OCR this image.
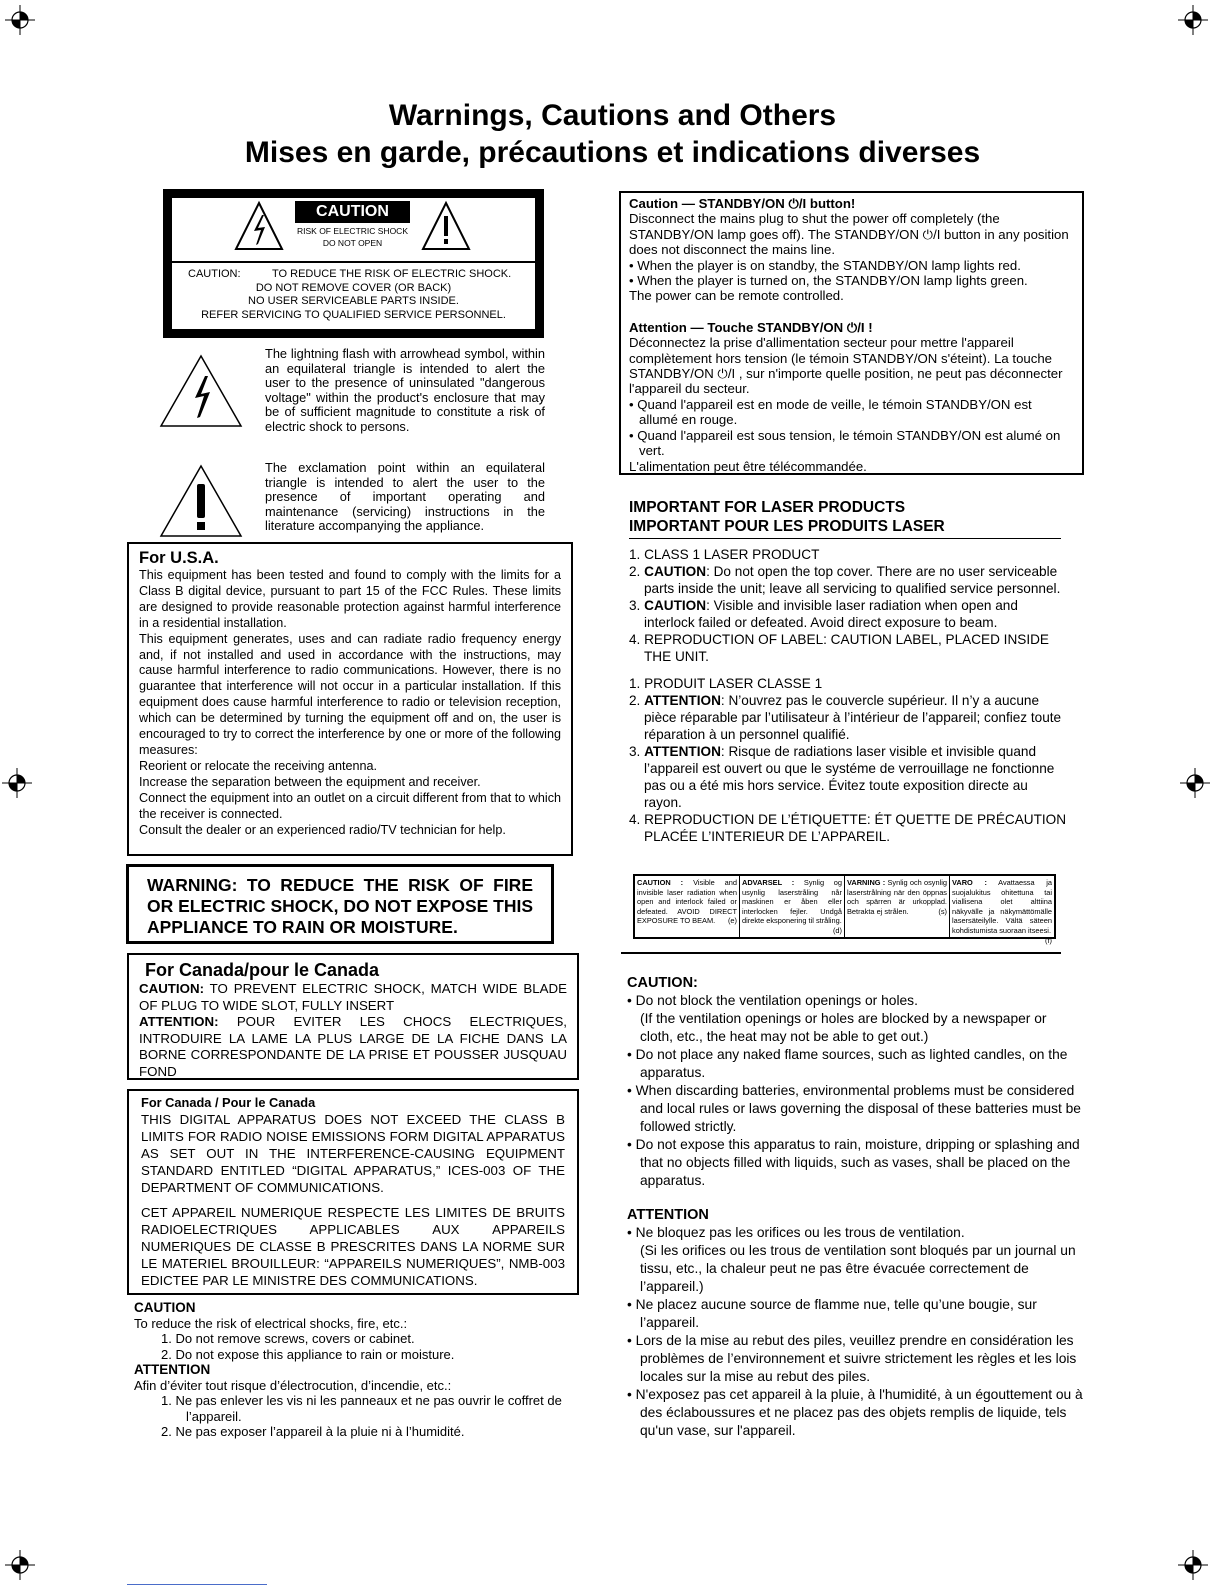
Warnings, Cautions and Others
Mises en garde, précautions et indications diverses
CAUTION
RISK OF ELECTRIC SHOCK
DO NOT OPEN
CAUTION:	TO REDUCE THE RISK OF ELECTRIC SHOCK.
DO NOT REMOVE COVER (OR BACK)
NO USER SERVICEABLE PARTS INSIDE.
REFER SERVICING TO QUALIFIED SERVICE PERSONNEL.
The lightning flash with arrowhead symbol, within an equilateral triangle is intended to alert the user to the presence of uninsulated "dangerous voltage" within the product's enclosure that may be of sufficient magnitude to constitute a risk of electric shock to persons.
The exclamation point within an equilateral triangle is intended to alert the user to the presence of important operating and maintenance (servicing) instructions in the literature accompanying the appliance.
For U.S.A.
This equipment has been tested and found to comply with the limits for a Class B digital device, pursuant to part 15 of the FCC Rules. These limits are designed to provide reasonable protection against harmful interference in a residential installation.
This equipment generates, uses and can radiate radio frequency energy and, if not installed and used in accordance with the instructions, may cause harmful interference to radio communications. However, there is no guarantee that interference will not occur in a particular installation. If this equipment does cause harmful interference to radio or television reception, which can be determined by turning the equipment off and on, the user is encouraged to try to correct the interference by one or more of the following measures:
Reorient or relocate the receiving antenna.
Increase the separation between the equipment and receiver.
Connect the equipment into an outlet on a circuit different from that to which the receiver is connected.
Consult the dealer or an experienced radio/TV technician for help.
WARNING: TO REDUCE THE RISK OF FIRE OR ELECTRIC SHOCK, DO NOT EXPOSE THIS APPLIANCE TO RAIN OR MOISTURE.
For Canada/pour le Canada
CAUTION: TO PREVENT ELECTRIC SHOCK, MATCH WIDE BLADE OF PLUG TO WIDE SLOT, FULLY INSERT
ATTENTION: POUR EVITER LES CHOCS ELECTRIQUES, INTRODUIRE LA LAME LA PLUS LARGE DE LA FICHE DANS LA BORNE CORRESPONDANTE DE LA PRISE ET POUSSER JUSQUAU FOND
For Canada / Pour le Canada

THIS DIGITAL APPARATUS DOES NOT EXCEED THE CLASS B LIMITS FOR RADIO NOISE EMISSIONS FORM DIGITAL APPARATUS AS SET OUT IN THE INTERFERENCE-CAUSING EQUIPMENT STANDARD ENTITLED “DIGITAL APPARATUS,” ICES-003 OF THE DEPARTMENT OF COMMUNICATIONS.

CET APPAREIL NUMERIQUE RESPECTE LES LIMITES DE BRUITS RADIOELECTRIQUES APPLICABLES AUX APPAREILS NUMERIQUES DE CLASSE B PRESCRITES DANS LA NORME SUR LE MATERIEL BROUILLEUR: “APPAREILS NUMERIQUES”, NMB-003 EDICTEE PAR LE MINISTRE DES COMMUNICATIONS.

CAUTION
To reduce the risk of electrical shocks, fire, etc.:
1. Do not remove screws, covers or cabinet.
2. Do not expose this appliance to rain or moisture.
ATTENTION
Afin d’éviter tout risque d’électrocution, d’incendie, etc.:
1. Ne pas enlever les vis ni les panneaux et ne pas ouvrir le coffret de l’appareil.
2. Ne pas exposer l’appareil à la pluie ni à l’humidité.
Caution — STANDBY/ON ⏻/I button!
Disconnect the mains plug to shut the power off completely (the STANDBY/ON lamp goes off). The STANDBY/ON ⏻/I button in any position does not disconnect the mains line.
• When the player is on standby, the STANDBY/ON lamp lights red.
• When the player is turned on, the STANDBY/ON lamp lights green.
The power can be remote controlled.
Attention — Touche STANDBY/ON ⏻/I !
Déconnectez la prise d'allimentation secteur pour mettre l'appareil complètement hors tension (le témoin STANDBY/ON s'éteint). La touche STANDBY/ON ⏻/I , sur n'importe quelle position, ne peut pas déconnecter l'appareil du secteur.
• Quand l'appareil est en mode de veille, le témoin STANDBY/ON est allumé en rouge.
• Quand l'appareil est sous tension, le témoin STANDBY/ON est alumé on vert.
L'alimentation peut être télécommandée.
IMPORTANT FOR LASER PRODUCTS
IMPORTANT POUR LES PRODUITS LASER
1. CLASS 1 LASER PRODUCT
2. CAUTION: Do not open the top cover. There are no user serviceable parts inside the unit; leave all servicing to qualified service personnel.
3. CAUTION: Visible and invisible laser radiation when open and interlock failed or defeated. Avoid direct exposure to beam.
4. REPRODUCTION OF LABEL: CAUTION LABEL, PLACED INSIDE THE UNIT.
1. PRODUIT LASER CLASSE 1
2. ATTENTION: N’ouvrez pas le couvercle supérieur. Il n’y a aucune pièce réparable par l’utilisateur à l’intérieur de l’appareil; confiez toute réparation à un personnel qualifié.
3. ATTENTION: Risque de radiations laser visible et invisible quand l’appareil est ouvert ou que le systéme de verrouillage ne fonctionne pas ou a été mis hors service. Évitez toute exposition directe au rayon.
4. REPRODUCTION DE L’ÉTIQUETTE: ÉT QUETTE DE PRÉCAUTION PLACÉE L’INTERIEUR DE L’APPAREIL.
CAUTION : Visible and invisible laser radiation when open and interlock failed or defeated. AVOID DIRECT EXPOSURE TO BEAM. (e)
ADVARSEL : Synlig og usynlig laserstråling når maskinen er åben eller interlocken fejler. Undgå direkte eksponering til stråling.
(d)
VARNING : Synlig och osynlig laserstrålning när den öppnas och spärren är urkopplad. Betrakta ej strålen.	(s)
VARO : Avattaessa ja suojalukitus ohitettuna tai viallisena olet alttiina näkyvälle ja näkymättömälle lasersäteilylle. Vältä säteen kohdistumista suoraan itseesi.
(f)
CAUTION:
• Do not block the ventilation openings or holes.
(If the ventilation openings or holes are blocked by a newspaper or cloth, etc., the heat may not be able to get out.)
• Do not place any naked flame sources, such as lighted candles, on the apparatus.
• When discarding batteries, environmental problems must be considered and local rules or laws governing the disposal of these batteries must be followed strictly.
• Do not expose this apparatus to rain, moisture, dripping or splashing and that no objects filled with liquids, such as vases, shall be placed on the apparatus.
ATTENTION
• Ne bloquez pas les orifices ou les trous de ventilation.
(Si les orifices ou les trous de ventilation sont bloqués par un journal un tissu, etc., la chaleur peut ne pas être évacuée correctement de l’appareil.)
• Ne placez aucune source de flamme nue, telle qu’une bougie, sur l’appareil.
• Lors de la mise au rebut des piles, veuillez prendre en considération les problèmes de l’environnement et suivre strictement les règles et les lois locales sur la mise au rebut des piles.
• N'exposez pas cet appareil à la pluie, à l'humidité, à un égouttement ou à des éclaboussures et ne placez pas des objets remplis de liquide, tels qu'un vase, sur l'appareil.
